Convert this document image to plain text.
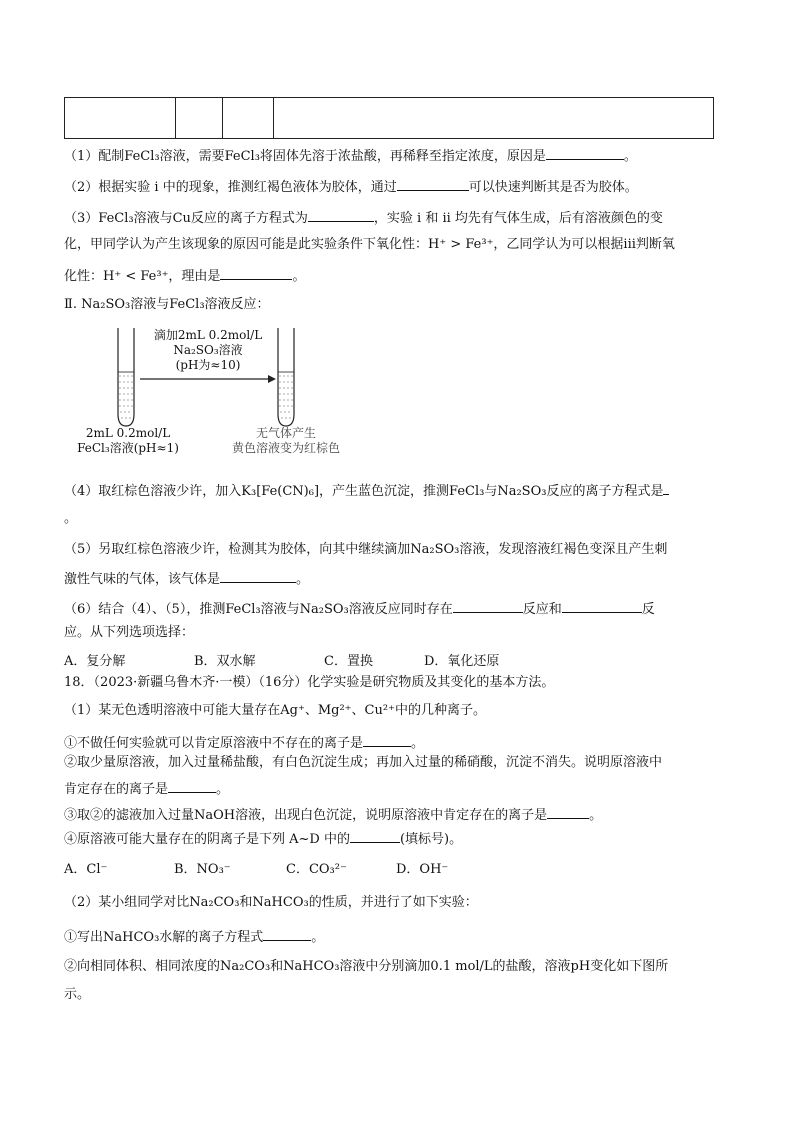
（1）配制FeCl₃溶液，需要FeCl₃将固体先溶于浓盐酸，再稀释至指定浓度，原因是	。
（2）根据实验 i 中的现象，推测红褐色液体为胶体，通过	可以快速判断其是否为胶体。
（3）FeCl₃溶液与Cu反应的离子方程式为	，实验 i 和 ii 均先有气体生成，后有溶液颜色的变
化，甲同学认为产生该现象的原因可能是此实验条件下氧化性：H⁺ > Fe³⁺，乙同学认为可以根据iii判断氧
化性：H⁺ < Fe³⁺，理由是	。
Ⅱ. Na₂SO₃溶液与FeCl₃溶液反应：
滴加2mL 0.2mol/L
Na₂SO₃溶液
(pH为≈10)
2mL 0.2mol/L
FeCl₃溶液(pH≈1)
无气体产生
黄色溶液变为红棕色
（4）取红棕色溶液少许，加入K₃[Fe(CN)₆]，产生蓝色沉淀，推测FeCl₃与Na₂SO₃反应的离子方程式是
。
（5）另取红棕色溶液少许，检测其为胶体，向其中继续滴加Na₂SO₃溶液，发现溶液红褐色变深且产生刺
激性气味的气体，该气体是	。
（6）结合（4）、（5），推测FeCl₃溶液与Na₂SO₃溶液反应同时存在	反应和	反
应。从下列选项选择：
A．复分解	B．双水解	C．置换	D．氧化还原
18．（2023·新疆乌鲁木齐·一模）（16分）化学实验是研究物质及其变化的基本方法。
（1）某无色透明溶液中可能大量存在Ag⁺、Mg²⁺、Cu²⁺中的几种离子。
①不做任何实验就可以肯定原溶液中不存在的离子是	。
②取少量原溶液，加入过量稀盐酸，有白色沉淀生成；再加入过量的稀硝酸，沉淀不消失。说明原溶液中
肯定存在的离子是	。
③取②的滤液加入过量NaOH溶液，出现白色沉淀，说明原溶液中肯定存在的离子是	。
④原溶液可能大量存在的阴离子是下列 A~D 中的	(填标号)。
A．Cl⁻	B．NO₃⁻	C．CO₃²⁻	D．OH⁻
（2）某小组同学对比Na₂CO₃和NaHCO₃的性质，并进行了如下实验：
①写出NaHCO₃水解的离子方程式	。
②向相同体积、相同浓度的Na₂CO₃和NaHCO₃溶液中分别滴加0.1 mol/L的盐酸，溶液pH变化如下图所
示。
